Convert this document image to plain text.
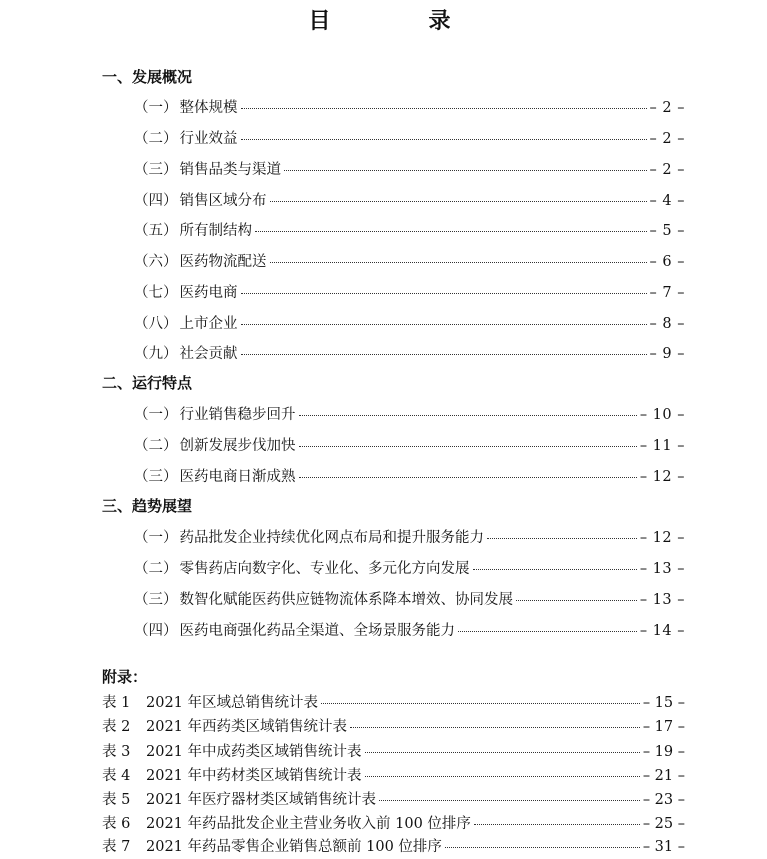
目　录
一、发展概况
（一） 整体规模	– 2 –
（二） 行业效益	– 2 –
（三） 销售品类与渠道	– 2 –
（四） 销售区域分布	– 4 –
（五） 所有制结构	– 5 –
（六） 医药物流配送	– 6 –
（七） 医药电商	– 7 –
（八） 上市企业	– 8 –
（九） 社会贡献	– 9 –
二、运行特点
（一） 行业销售稳步回升	– 10 –
（二） 创新发展步伐加快	– 11 –
（三） 医药电商日渐成熟	– 12 –
三、趋势展望
（一） 药品批发企业持续优化网点布局和提升服务能力	– 12 –
（二） 零售药店向数字化、专业化、多元化方向发展	– 13 –
（三） 数智化赋能医药供应链物流体系降本增效、协同发展	– 13 –
（四） 医药电商强化药品全渠道、全场景服务能力	– 14 –
附录：
表 1	2021 年区域总销售统计表	– 15 –
表 2	2021 年西药类区域销售统计表	– 17 –
表 3	2021 年中成药类区域销售统计表	– 19 –
表 4	2021 年中药材类区域销售统计表	– 21 –
表 5	2021 年医疗器材类区域销售统计表	– 23 –
表 6	2021 年药品批发企业主营业务收入前 100 位排序	– 25 –
表 7	2021 年药品零售企业销售总额前 100 位排序	– 31 –
